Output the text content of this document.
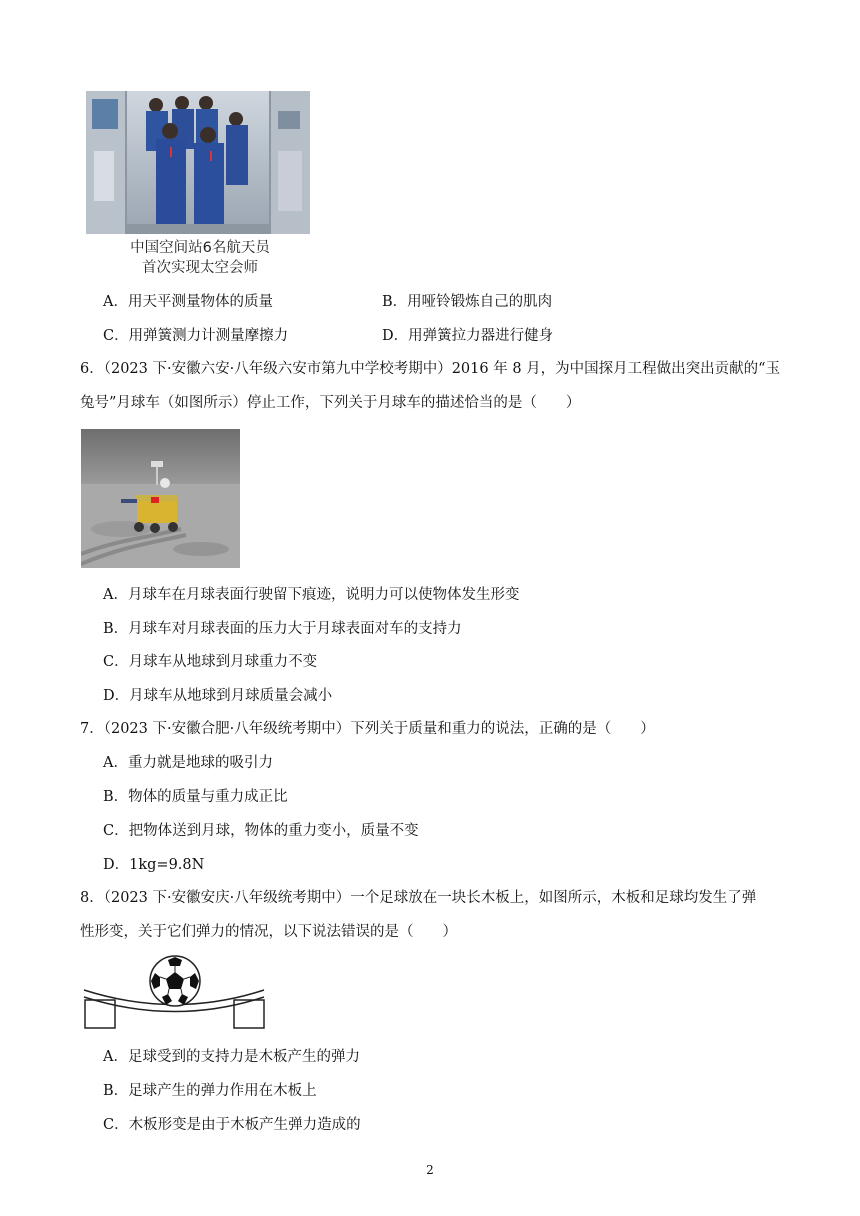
中国空间站6名航天员
首次实现太空会师
A．用天平测量物体的质量	B．用哑铃锻炼自己的肌肉
C．用弹簧测力计测量摩擦力	D．用弹簧拉力器进行健身
6．（2023 下·安徽六安·八年级六安市第九中学校考期中）2016 年 8 月，为中国探月工程做出突出贡献的“玉
兔号”月球车（如图所示）停止工作，下列关于月球车的描述恰当的是（　　）
A．月球车在月球表面行驶留下痕迹，说明力可以使物体发生形变
B．月球车对月球表面的压力大于月球表面对车的支持力
C．月球车从地球到月球重力不变
D．月球车从地球到月球质量会减小
7．（2023 下·安徽合肥·八年级统考期中）下列关于质量和重力的说法，正确的是（　　）
A．重力就是地球的吸引力
B．物体的质量与重力成正比
C．把物体送到月球，物体的重力变小，质量不变
D．1kg=9.8N
8．（2023 下·安徽安庆·八年级统考期中）一个足球放在一块长木板上，如图所示，木板和足球均发生了弹
性形变，关于它们弹力的情况，以下说法错误的是（　　）
A．足球受到的支持力是木板产生的弹力
B．足球产生的弹力作用在木板上
C．木板形变是由于木板产生弹力造成的
2
